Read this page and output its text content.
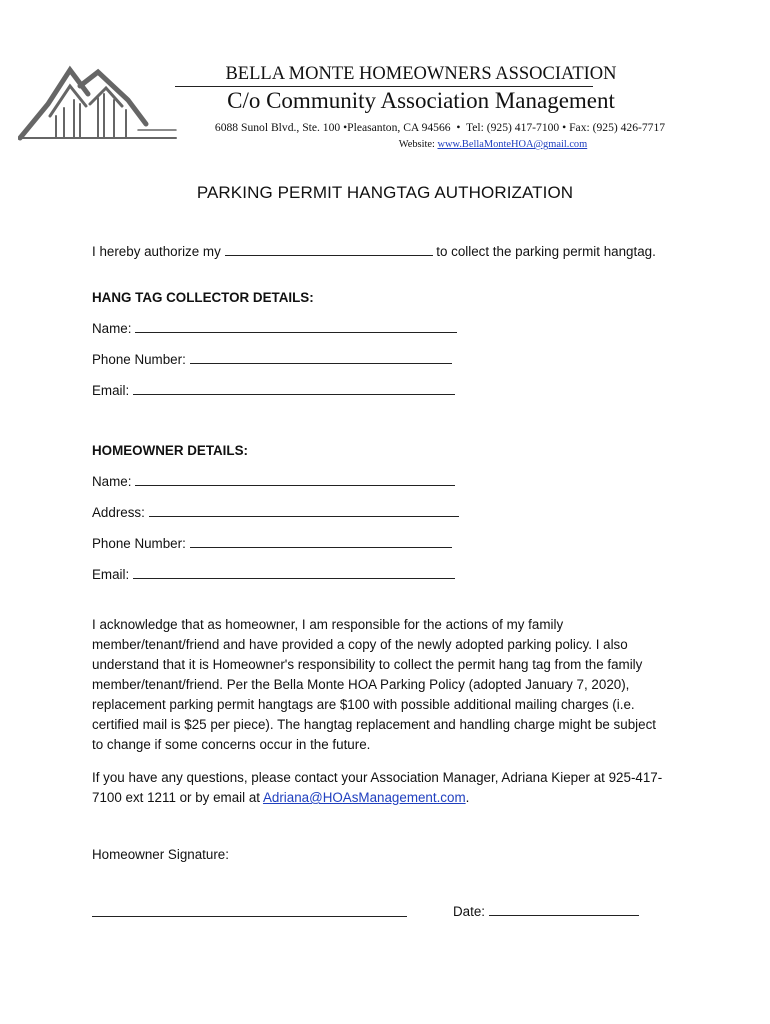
BELLA MONTE HOMEOWNERS ASSOCIATION
C/o Community Association Management
6088 Sunol Blvd., Ste. 100 •Pleasanton, CA 94566 • Tel: (925) 417-7100 • Fax: (925) 426-7717
Website: www.BellaMonteHOA@gmail.com
PARKING PERMIT HANGTAG AUTHORIZATION
I hereby authorize my	to collect the parking permit hangtag.
HANG TAG COLLECTOR DETAILS:
Name:
Phone Number:
Email:
HOMEOWNER DETAILS:
Name:
Address:
Phone Number:
Email:
I acknowledge that as homeowner, I am responsible for the actions of my family
member/tenant/friend and have provided a copy of the newly adopted parking policy. I also
understand that it is Homeowner's responsibility to collect the permit hang tag from the family
member/tenant/friend. Per the Bella Monte HOA Parking Policy (adopted January 7, 2020),
replacement parking permit hangtags are $100 with possible additional mailing charges (i.e.
certified mail is $25 per piece). The hangtag replacement and handling charge might be subject
to change if some concerns occur in the future.
If you have any questions, please contact your Association Manager, Adriana Kieper at 925-417-
7100 ext 1211 or by email at Adriana@HOAsManagement.com.
Homeowner Signature:
Date:
